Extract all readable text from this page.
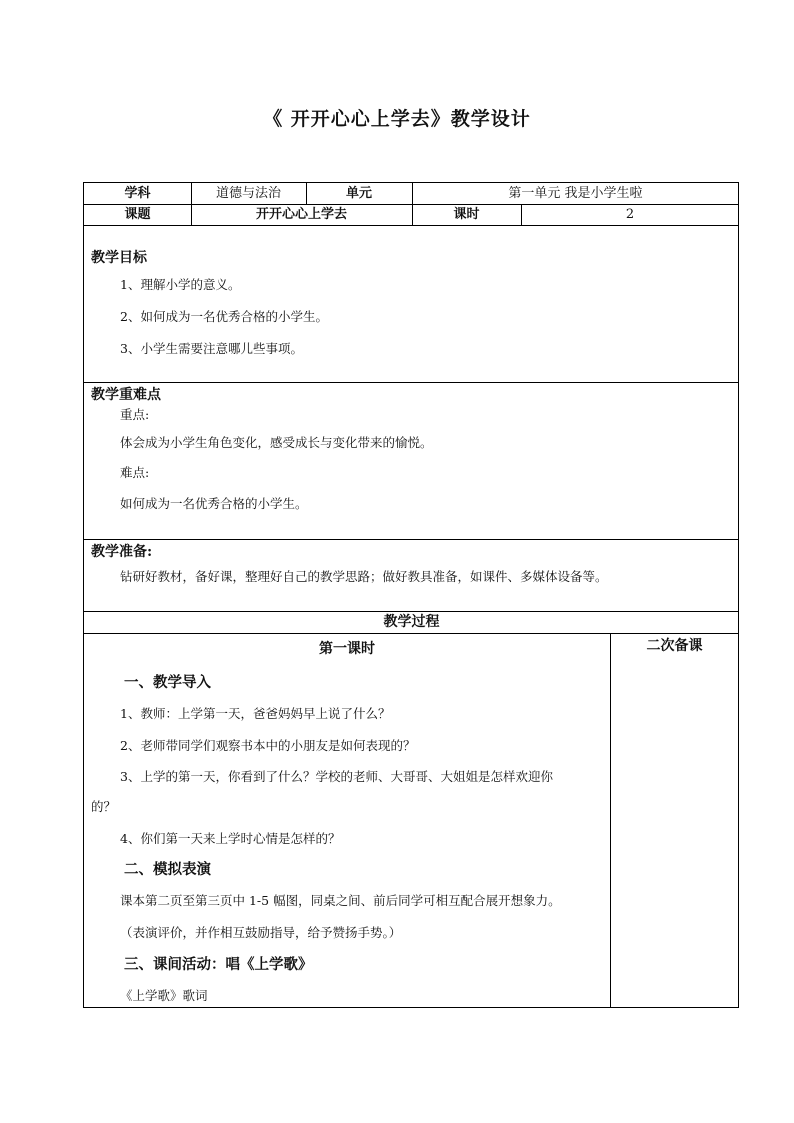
《 开开心心上学去》教学设计
学科	道德与法治	单元	第一单元 我是小学生啦
课题	开开心心上学去	课时	2
教学目标
1、理解小学的意义。
2、如何成为一名优秀合格的小学生。
3、小学生需要注意哪儿些事项。
教学重难点
重点:
体会成为小学生角色变化，感受成长与变化带来的愉悦。
难点:
如何成为一名优秀合格的小学生。
教学准备:
钻研好教材，备好课，整理好自己的教学思路；做好教具准备，如课件、多媒体设备等。
教学过程
第一课时
一、教学导入
1、教师：上学第一天，爸爸妈妈早上说了什么？
2、老师带同学们观察书本中的小朋友是如何表现的？
3、上学的第一天，你看到了什么？学校的老师、大哥哥、大姐姐是怎样欢迎你
的？
4、你们第一天来上学时心情是怎样的？
二、模拟表演
课本第二页至第三页中 1-5 幅图，同桌之间、前后同学可相互配合展开想象力。
（表演评价，并作相互鼓励指导，给予赞扬手势。）
三、课间活动：唱《上学歌》
《上学歌》歌词
二次备课
